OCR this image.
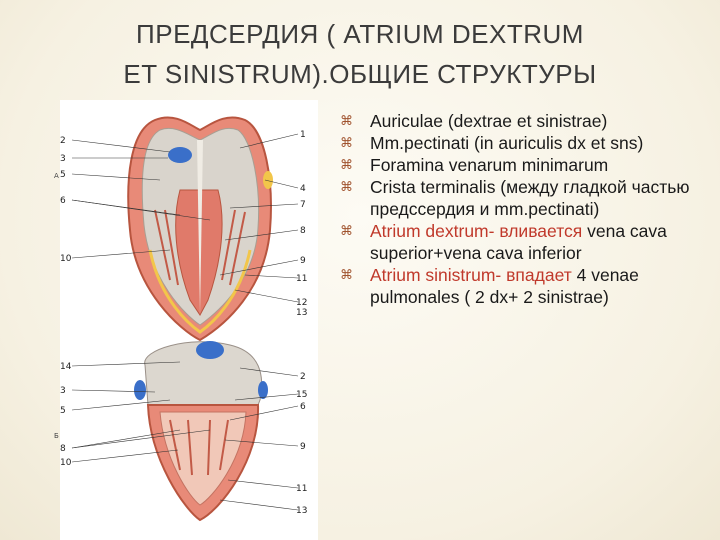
ПРЕДСЕРДИЯ ( ATRIUM DEXTRUM
ET SINISTRUM).ОБЩИЕ СТРУКТУРЫ
2
3
5
6
10
1
4
7
8
9
11
12
13
14
3
5
8
10
2
15
6
9
11
13
А
Б
⌘ Auriculae (dextrae et sinistrae)
⌘ Mm.pectinati (in auriculis dx et sns)
⌘ Foramina venarum minimarum
⌘ Crista terminalis (между гладкой частью предссердия и mm.pectinati)
⌘ Atrium dextrum- вливается vena cava superior+vena cava inferior
⌘ Atrium sinistrum- впадает 4 venae pulmonales ( 2 dx+ 2 sinistrae)
